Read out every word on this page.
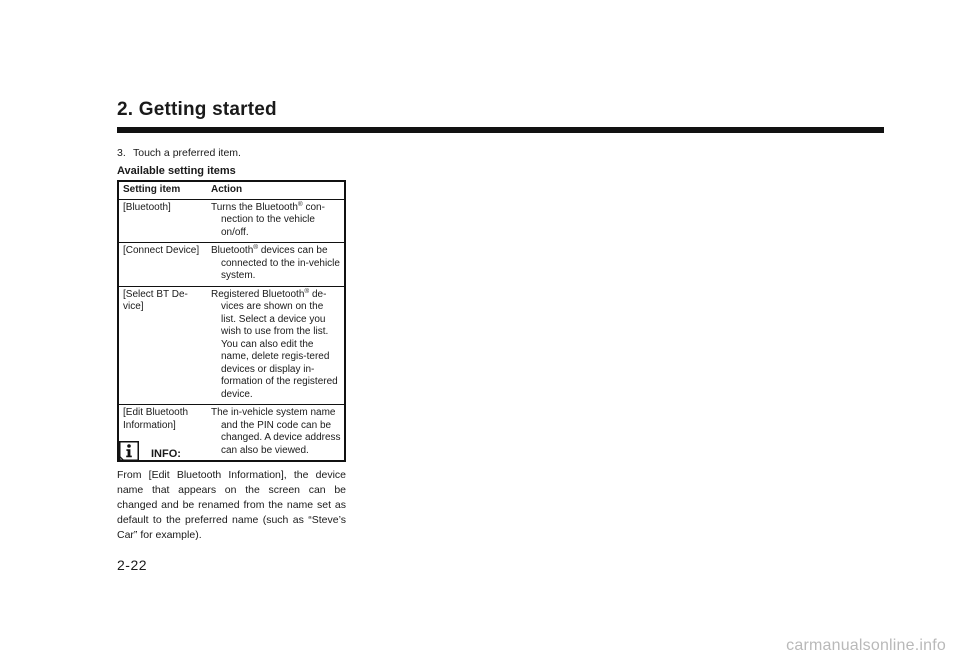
2. Getting started
3. Touch a preferred item.
Available setting items
Setting item	Action
[Bluetooth]	Turns the Bluetooth® con-nection to the vehicle on/off.

[Connect Device]	Bluetooth® devices can be connected to the in-vehicle system.

[Select BT De-vice]	Registered Bluetooth® de-vices are shown on the list. Select a device you wish to use from the list. You can also edit the name, delete regis-tered devices or display in-formation of the registered device.

[Edit Bluetooth Information]	The in-vehicle system name and the PIN code can be changed. A device address can also be viewed.

INFO:

From [Edit Bluetooth Information], the device name that appears on the screen can be changed and be renamed from the name set as default to the preferred name (such as “Steve’s Car” for example).

2-22
carmanualsonline.info
